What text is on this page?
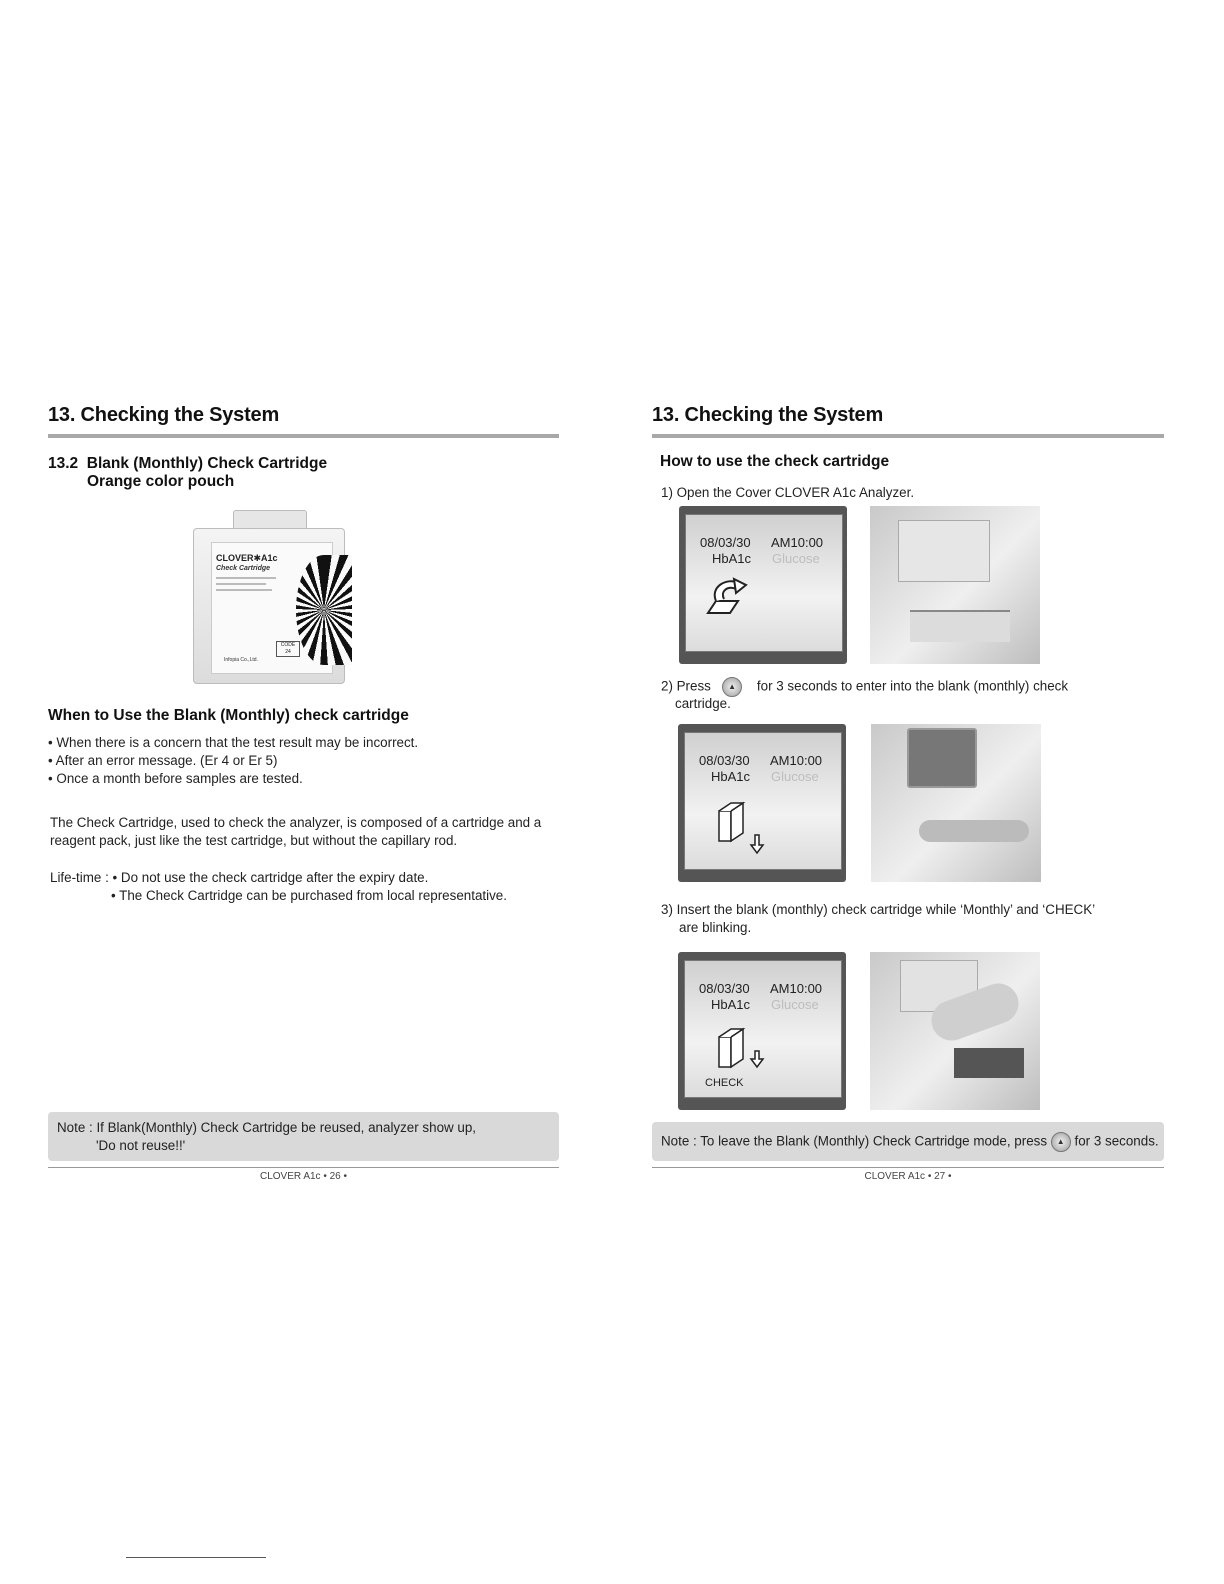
13. Checking the System
13.2 Blank (Monthly) Check Cartridge
Orange color pouch
CLOVER✱A1c
Check Cartridge
CODE
24
Infopia Co.,Ltd.
When to Use the Blank (Monthly) check cartridge
• When there is a concern that the test result may be incorrect.
• After an error message. (Er 4 or Er 5)
• Once a month before samples are tested.
The Check Cartridge, used to check the analyzer, is composed of a cartridge and a
reagent pack, just like the test cartridge, but without the capillary rod.
Life-time : • Do not use the check cartridge after the expiry date.
• The Check Cartridge can be purchased from local representative.
Note : If Blank(Monthly) Check Cartridge be reused, analyzer show up,
'Do not reuse!!'
CLOVER A1c • 26 •
13. Checking the System
How to use the check cartridge
1) Open the Cover CLOVER A1c Analyzer.
08/03/30 AM10:00
HbA1c Glucose
2) Press ▲ for 3 seconds to enter into the blank (monthly) check
cartridge.
08/03/30 AM10:00
HbA1c Glucose
3) Insert the blank (monthly) check cartridge while ‘Monthly’ and ‘CHECK’
are blinking.
08/03/30 AM10:00
HbA1c Glucose
CHECK
Note : To leave the Blank (Monthly) Check Cartridge mode, press ▲ for 3 seconds.
CLOVER A1c • 27 •
